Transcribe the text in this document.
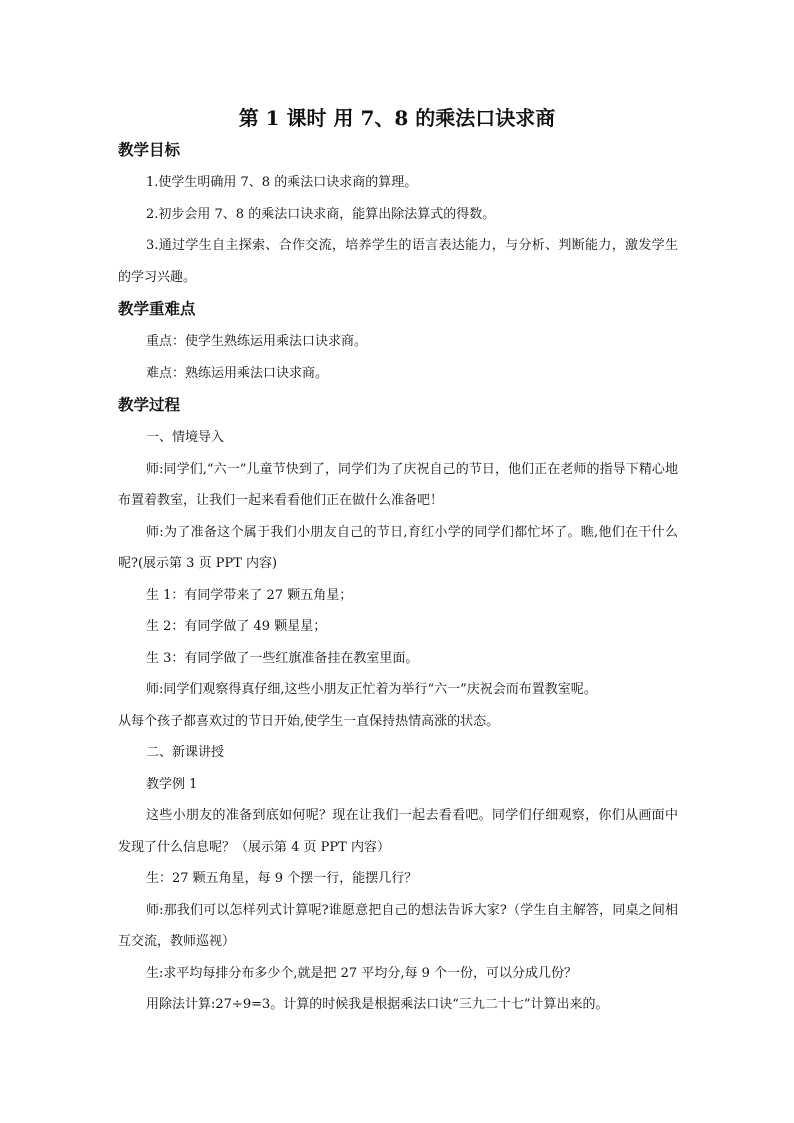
第 1 课时 用 7、8 的乘法口诀求商
教学目标

1.使学生明确用 7、8 的乘法口诀求商的算理。

2.初步会用 7、8 的乘法口诀求商，能算出除法算式的得数。

3.通过学生自主探索、合作交流，培养学生的语言表达能力，与分析、判断能力，激发学生的学习兴趣。

教学重难点

重点：使学生熟练运用乘法口诀求商。

难点：熟练运用乘法口诀求商。

教学过程

一、情境导入

师:同学们,“六一”儿童节快到了，同学们为了庆祝自己的节日，他们正在老师的指导下精心地布置着教室，让我们一起来看看他们正在做什么准备吧！

师:为了准备这个属于我们小朋友自己的节日,育红小学的同学们都忙坏了。瞧,他们在干什么呢?(展示第 3 页 PPT 内容)

生 1：有同学带来了 27 颗五角星；

生 2：有同学做了 49 颗星星；

生 3：有同学做了一些红旗准备挂在教室里面。

师:同学们观察得真仔细,这些小朋友正忙着为举行“六一”庆祝会而布置教室呢。

从每个孩子都喜欢过的节日开始,使学生一直保持热情高涨的状态。

二、新课讲授

教学例 1

这些小朋友的准备到底如何呢？现在让我们一起去看看吧。同学们仔细观察，你们从画面中发现了什么信息呢？（展示第 4 页 PPT 内容）

生：27 颗五角星，每 9 个摆一行，能摆几行？

师:那我们可以怎样列式计算呢?谁愿意把自己的想法告诉大家?（学生自主解答，同桌之间相互交流，教师巡视）

生:求平均每排分布多少个,就是把 27 平均分,每 9 个一份，可以分成几份？

用除法计算:27÷9=3。计算的时候我是根据乘法口诀“三九二十七”计算出来的。
